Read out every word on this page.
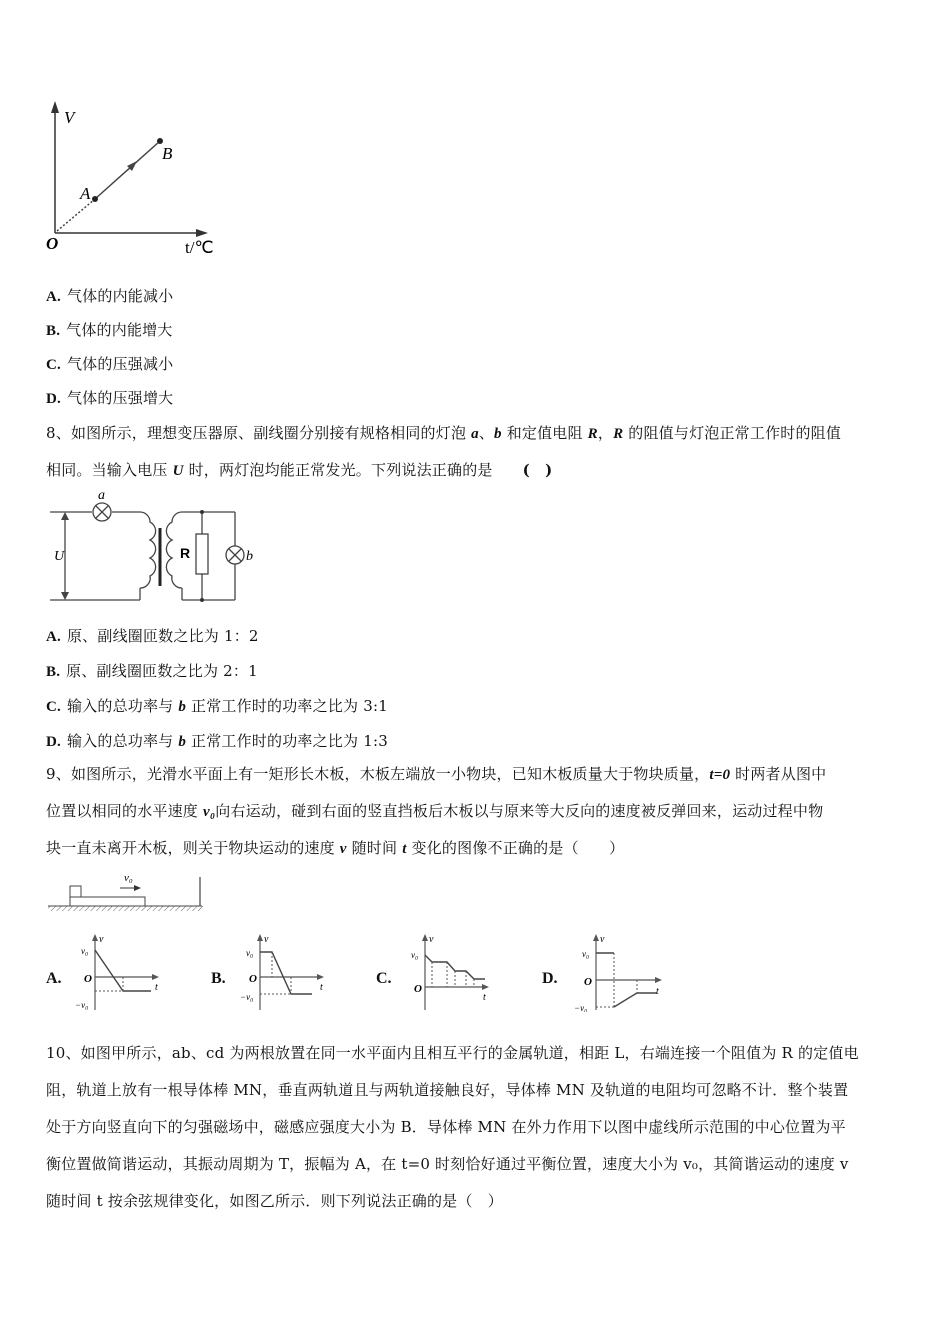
V
t/℃
O
A
B
A. 气体的内能减小
B. 气体的内能增大
C. 气体的压强减小
D. 气体的压强增大
8、如图所示，理想变压器原、副线圈分别接有规格相同的灯泡 a、b 和定值电阻 R，R 的阻值与灯泡正常工作时的阻值
相同。当输入电压 U 时，两灯泡均能正常发光。下列说法正确的是 (　)
a
b
R
U
A. 原、副线圈匝数之比为 1：2
B. 原、副线圈匝数之比为 2：1
C. 输入的总功率与 b 正常工作时的功率之比为 3:1
D. 输入的总功率与 b 正常工作时的功率之比为 1:3
9、如图所示，光滑水平面上有一矩形长木板，木板左端放一小物块，已知木板质量大于物块质量，t=0 时两者从图中
位置以相同的水平速度 v₀向右运动，碰到右面的竖直挡板后木板以与原来等大反向的速度被反弹回来，运动过程中物
块一直未离开木板，则关于物块运动的速度 v 随时间 t 变化的图像不正确的是（　　）
v₀
A.
v
t
v₀
O
−v₀
B.
v
t
v₀
O
−v₀
C.
v
t
v₀
O
D.
v
t
v₀
O
−v₀
10、如图甲所示，ab、cd 为两根放置在同一水平面内且相互平行的金属轨道，相距 L，右端连接一个阻值为 R 的定值电
阻，轨道上放有一根导体棒 MN，垂直两轨道且与两轨道接触良好，导体棒 MN 及轨道的电阻均可忽略不计．整个装置
处于方向竖直向下的匀强磁场中，磁感应强度大小为 B．导体棒 MN 在外力作用下以图中虚线所示范围的中心位置为平
衡位置做简谐运动，其振动周期为 T，振幅为 A，在 t=0 时刻恰好通过平衡位置，速度大小为 v₀，其简谐运动的速度 v
随时间 t 按余弦规律变化，如图乙所示．则下列说法正确的是（　）
